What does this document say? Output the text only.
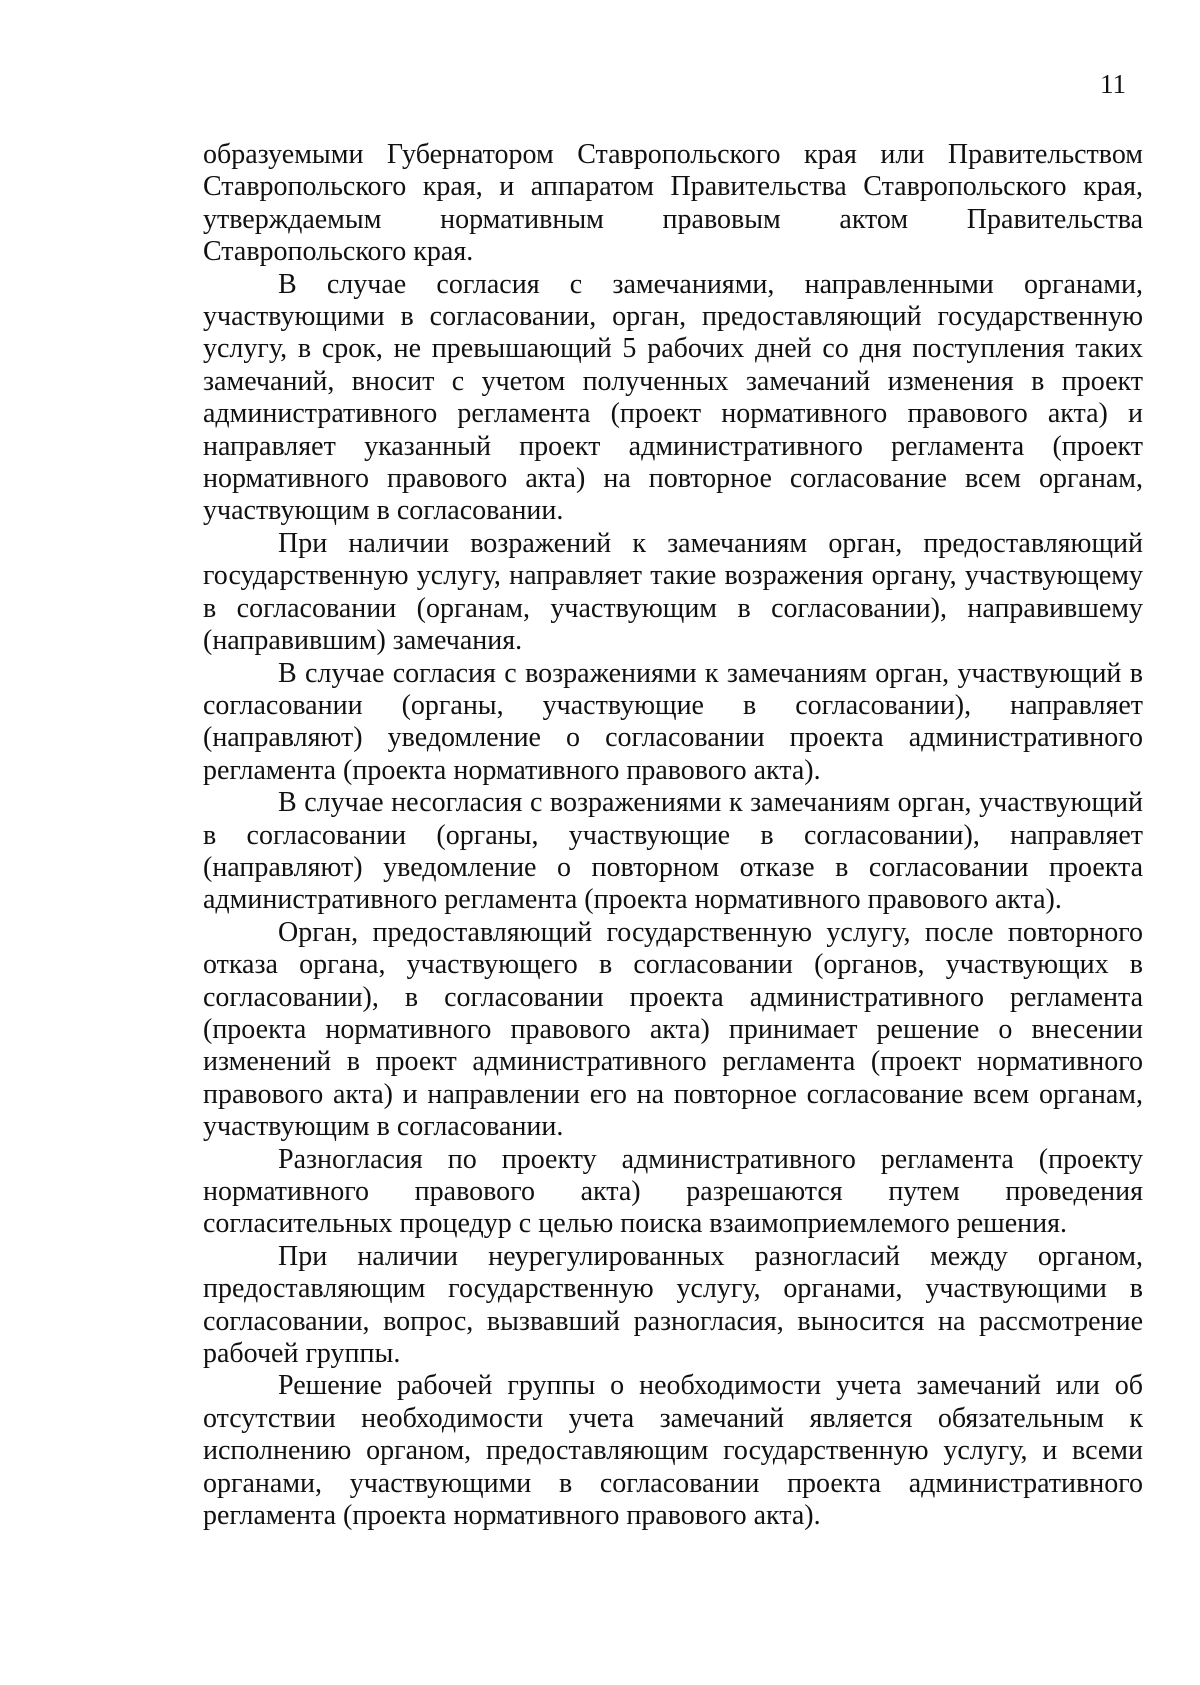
11

образуемыми Губернатором Ставропольского края или Правительством Ставропольского края, и аппаратом Правительства Ставропольского края, утверждаемым нормативным правовым актом Правительства Ставропольского края.

В случае согласия с замечаниями, направленными органами, участвующими в согласовании, орган, предоставляющий государственную услугу, в срок, не превышающий 5 рабочих дней со дня поступления таких замечаний, вносит с учетом полученных замечаний изменения в проект административного регламента (проект нормативного правового акта) и направляет указанный проект административного регламента (проект нормативного правового акта) на повторное согласование всем органам, участвующим в согласовании.

При наличии возражений к замечаниям орган, предоставляющий государственную услугу, направляет такие возражения органу, участвующему в согласовании (органам, участвующим в согласовании), направившему (направившим) замечания.

В случае согласия с возражениями к замечаниям орган, участвующий в согласовании (органы, участвующие в согласовании), направляет (направляют) уведомление о согласовании проекта административного регламента (проекта нормативного правового акта).

В случае несогласия с возражениями к замечаниям орган, участвующий в согласовании (органы, участвующие в согласовании), направляет (направляют) уведомление о повторном отказе в согласовании проекта административного регламента (проекта нормативного правового акта).

Орган, предоставляющий государственную услугу, после повторного отказа органа, участвующего в согласовании (органов, участвующих в согласовании), в согласовании проекта административного регламента (проекта нормативного правового акта) принимает решение о внесении изменений в проект административного регламента (проект нормативного правового акта) и направлении его на повторное согласование всем органам, участвующим в согласовании.

Разногласия по проекту административного регламента (проекту нормативного правового акта) разрешаются путем проведения согласительных процедур с целью поиска взаимоприемлемого решения.

При наличии неурегулированных разногласий между органом, предоставляющим государственную услугу, органами, участвующими в согласовании, вопрос, вызвавший разногласия, выносится на рассмотрение рабочей группы.

Решение рабочей группы о необходимости учета замечаний или об отсутствии необходимости учета замечаний является обязательным к исполнению органом, предоставляющим государственную услугу, и всеми органами, участвующими в согласовании проекта административного регламента (проекта нормативного правового акта).
